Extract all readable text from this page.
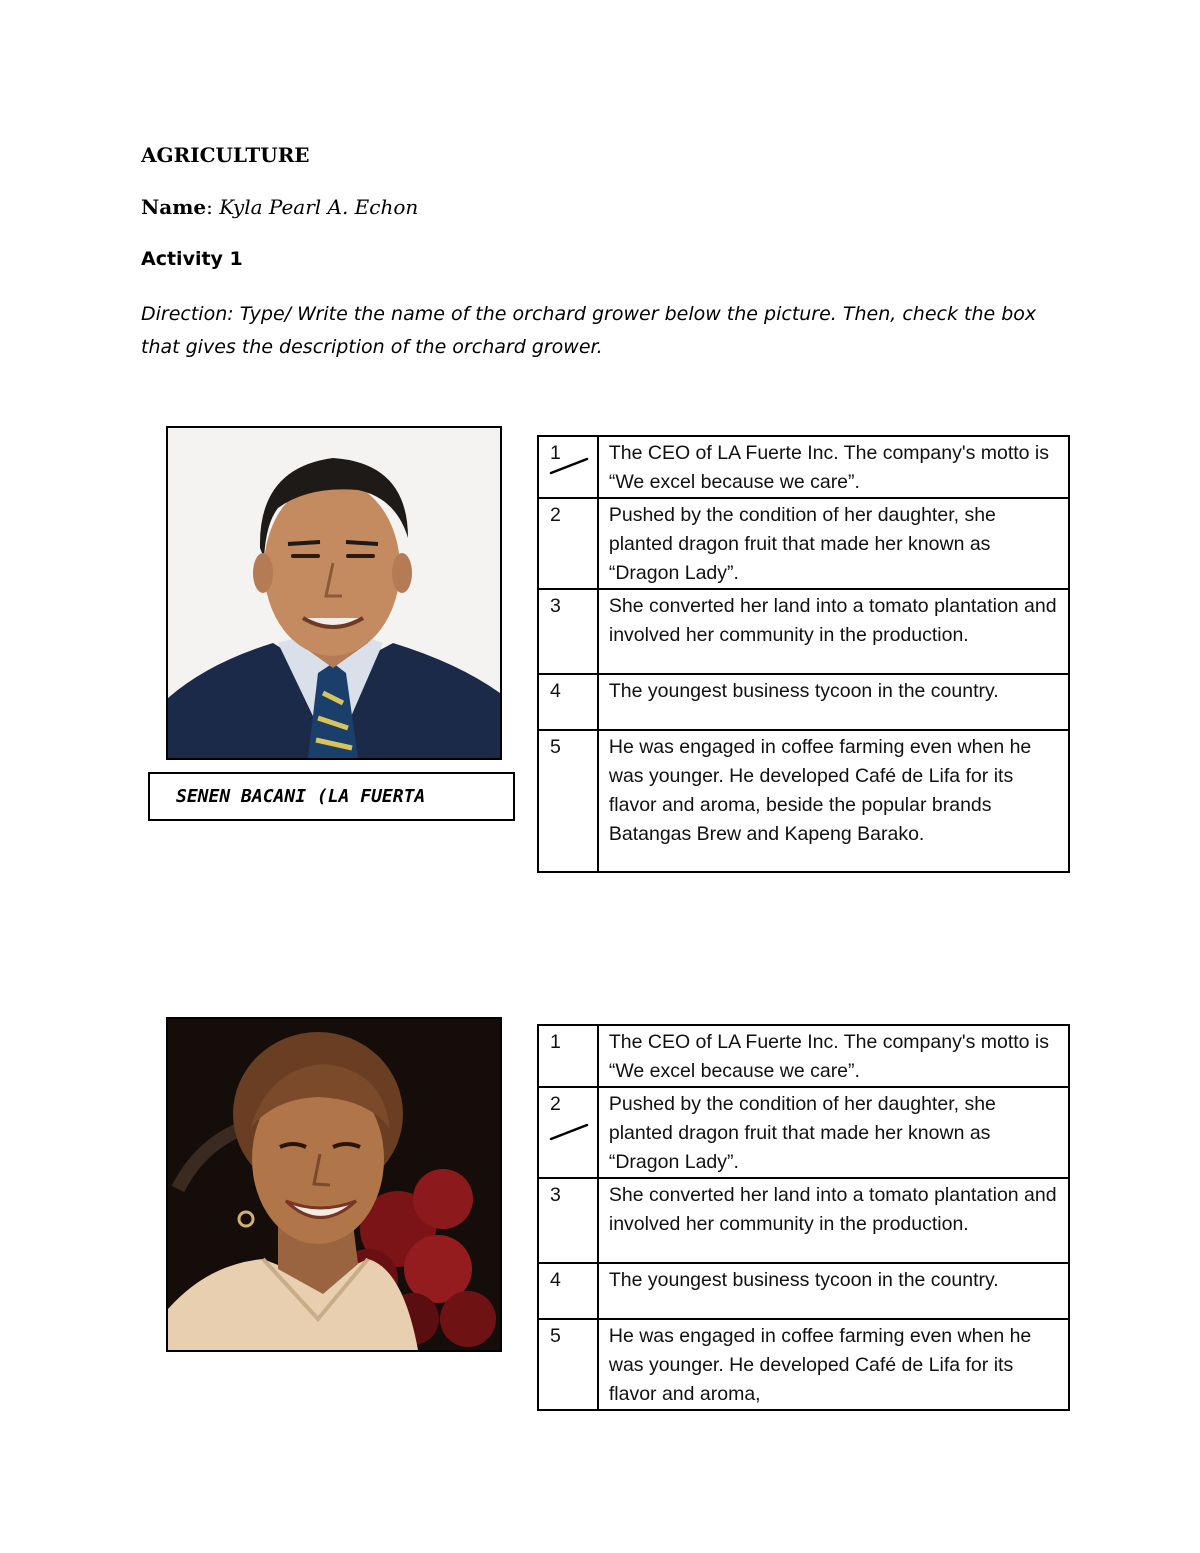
AGRICULTURE
Name: Kyla Pearl A. Echon
Activity 1
Direction: Type/ Write the name of the orchard grower below the picture. Then, check the box that gives the description of the orchard grower.
SENEN BACANI (LA FUERTA
1	The CEO of LA Fuerte Inc. The company's motto is “We excel because we care”.
2	Pushed by the condition of her daughter, she planted dragon fruit that made her known as “Dragon Lady”.
3	She converted her land into a tomato plantation and involved her community in the production.
4	The youngest business tycoon in the country.
5	He was engaged in coffee farming even when he was younger. He developed Café de Lifa for its flavor and aroma, beside the popular brands Batangas Brew and Kapeng Barako.
1	The CEO of LA Fuerte Inc. The company's motto is “We excel because we care”.
2	Pushed by the condition of her daughter, she planted dragon fruit that made her known as “Dragon Lady”.
3	She converted her land into a tomato plantation and involved her community in the production.
4	The youngest business tycoon in the country.
5	He was engaged in coffee farming even when he was younger. He developed Café de Lifa for its flavor and aroma,
